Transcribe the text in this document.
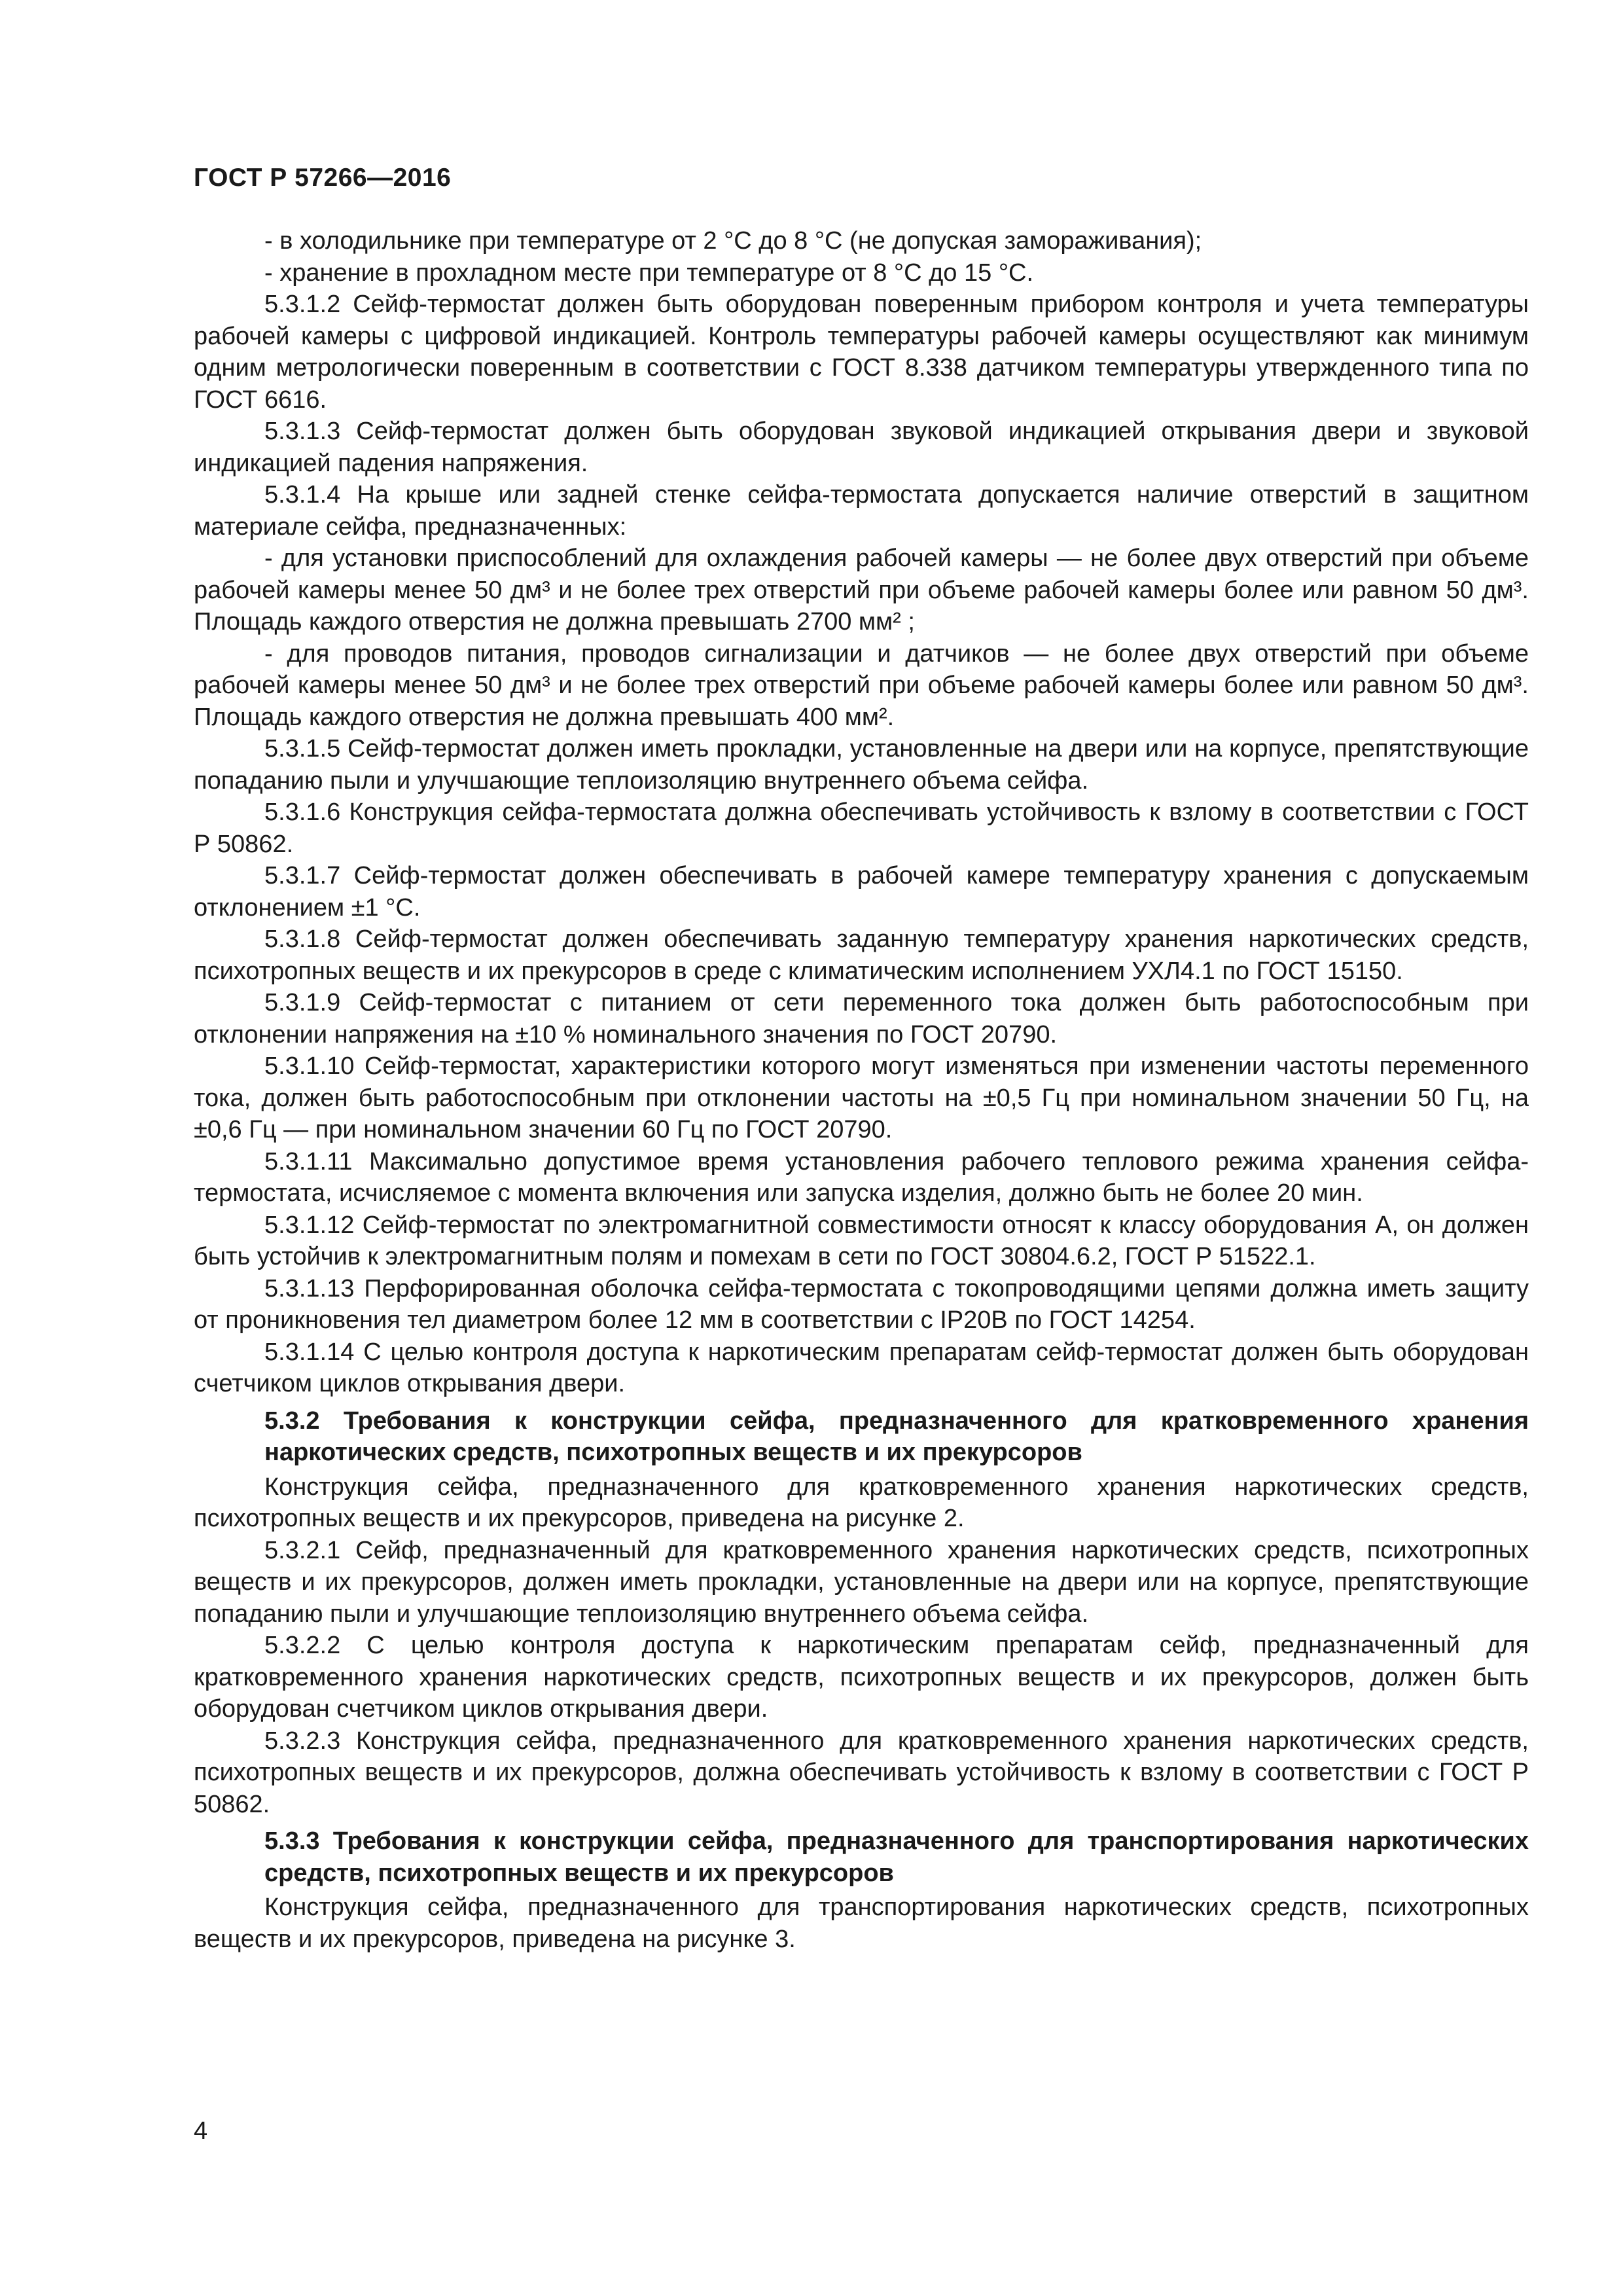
ГОСТ Р 57266—2016

- в холодильнике при температуре от 2 °С до 8 °С (не допуская замораживания);

- хранение в прохладном месте при температуре от 8 °С до 15 °С.

5.3.1.2 Сейф-термостат должен быть оборудован поверенным прибором контроля и учета температуры рабочей камеры с цифровой индикацией. Контроль температуры рабочей камеры осуществляют как минимум одним метрологически поверенным в соответствии с ГОСТ 8.338 датчиком температуры утвержденного типа по ГОСТ 6616.

5.3.1.3 Сейф-термостат должен быть оборудован звуковой индикацией открывания двери и звуковой индикацией падения напряжения.

5.3.1.4 На крыше или задней стенке сейфа-термостата допускается наличие отверстий в защитном материале сейфа, предназначенных:

- для установки приспособлений для охлаждения рабочей камеры — не более двух отверстий при объеме рабочей камеры менее 50 дм³ и не более трех отверстий при объеме рабочей камеры более или равном 50 дм³. Площадь каждого отверстия не должна превышать 2700 мм² ;

- для проводов питания, проводов сигнализации и датчиков — не более двух отверстий при объеме рабочей камеры менее 50 дм³ и не более трех отверстий при объеме рабочей камеры более или равном 50 дм³. Площадь каждого отверстия не должна превышать 400 мм².

5.3.1.5 Сейф-термостат должен иметь прокладки, установленные на двери или на корпусе, препятствующие попаданию пыли и улучшающие теплоизоляцию внутреннего объема сейфа.

5.3.1.6 Конструкция сейфа-термостата должна обеспечивать устойчивость к взлому в соответствии с ГОСТ Р 50862.

5.3.1.7 Сейф-термостат должен обеспечивать в рабочей камере температуру хранения с допускаемым отклонением ±1 °С.

5.3.1.8 Сейф-термостат должен обеспечивать заданную температуру хранения наркотических средств, психотропных веществ и их прекурсоров в среде с климатическим исполнением УХЛ4.1 по ГОСТ 15150.

5.3.1.9 Сейф-термостат с питанием от сети переменного тока должен быть работоспособным при отклонении напряжения на ±10 % номинального значения по ГОСТ 20790.

5.3.1.10 Сейф-термостат, характеристики которого могут изменяться при изменении частоты переменного тока, должен быть работоспособным при отклонении частоты на ±0,5 Гц при номинальном значении 50 Гц, на ±0,6 Гц — при номинальном значении 60 Гц по ГОСТ 20790.

5.3.1.11 Максимально допустимое время установления рабочего теплового режима хранения сейфа-термостата, исчисляемое с момента включения или запуска изделия, должно быть не более 20 мин.

5.3.1.12 Сейф-термостат по электромагнитной совместимости относят к классу оборудования А, он должен быть устойчив к электромагнитным полям и помехам в сети по ГОСТ 30804.6.2, ГОСТ Р 51522.1.

5.3.1.13 Перфорированная оболочка сейфа-термостата с токопроводящими цепями должна иметь защиту от проникновения тел диаметром более 12 мм в соответствии с IP20B по ГОСТ 14254.

5.3.1.14 С целью контроля доступа к наркотическим препаратам сейф-термостат должен быть оборудован счетчиком циклов открывания двери.

5.3.2 Требования к конструкции сейфа, предназначенного для кратковременного хранения наркотических средств, психотропных веществ и их прекурсоров

Конструкция сейфа, предназначенного для кратковременного хранения наркотических средств, психотропных веществ и их прекурсоров, приведена на рисунке 2.

5.3.2.1 Сейф, предназначенный для кратковременного хранения наркотических средств, психотропных веществ и их прекурсоров, должен иметь прокладки, установленные на двери или на корпусе, препятствующие попаданию пыли и улучшающие теплоизоляцию внутреннего объема сейфа.

5.3.2.2 С целью контроля доступа к наркотическим препаратам сейф, предназначенный для кратковременного хранения наркотических средств, психотропных веществ и их прекурсоров, должен быть оборудован счетчиком циклов открывания двери.

5.3.2.3 Конструкция сейфа, предназначенного для кратковременного хранения наркотических средств, психотропных веществ и их прекурсоров, должна обеспечивать устойчивость к взлому в соответствии с ГОСТ Р 50862.

5.3.3 Требования к конструкции сейфа, предназначенного для транспортирования наркотических средств, психотропных веществ и их прекурсоров

Конструкция сейфа, предназначенного для транспортирования наркотических средств, психотропных веществ и их прекурсоров, приведена на рисунке 3.

4
